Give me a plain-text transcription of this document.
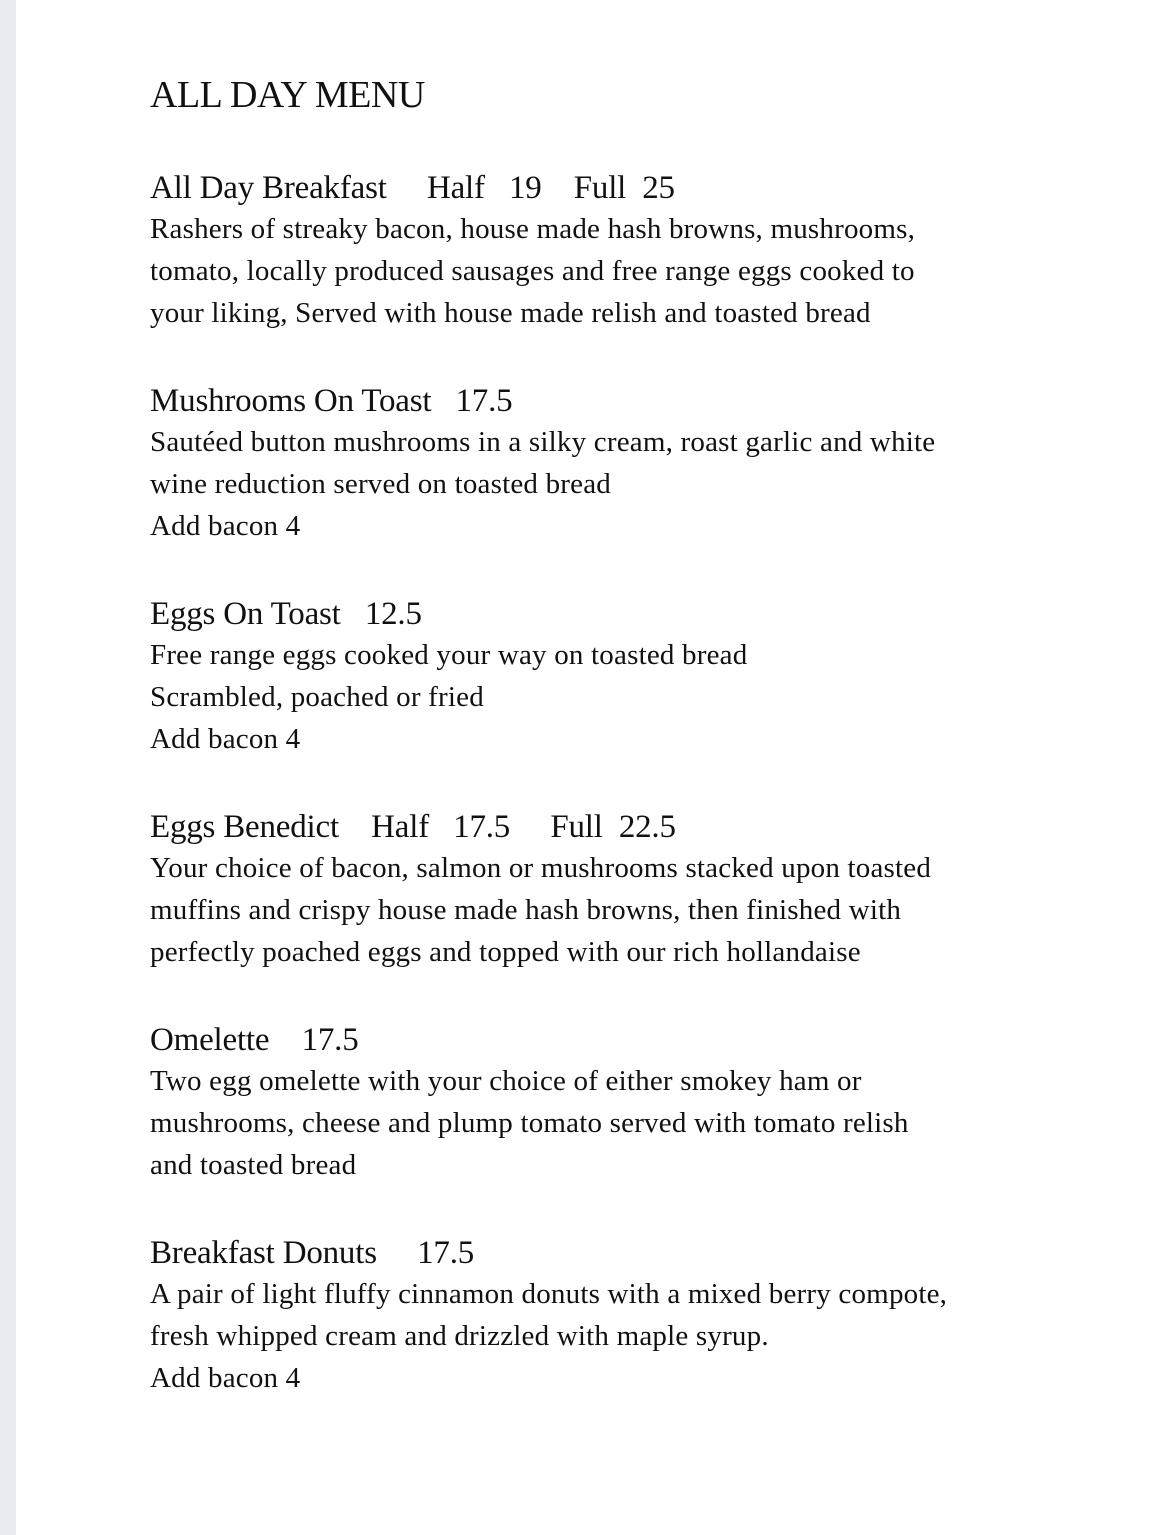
ALL DAY MENU
All Day Breakfast Half   19    Full  25
Rashers of streaky bacon, house made hash browns, mushrooms,
tomato, locally produced sausages and free range eggs cooked to
your liking, Served with house made relish and toasted bread
Mushrooms On Toast 17.5
Sautéed button mushrooms in a silky cream, roast garlic and white
wine reduction served on toasted bread
Add bacon 4
Eggs On Toast 12.5
Free range eggs cooked your way on toasted bread
Scrambled, poached or fried
Add bacon 4
Eggs Benedict Half   17.5     Full  22.5
Your choice of bacon, salmon or mushrooms stacked upon toasted
muffins and crispy house made hash browns, then finished with
perfectly poached eggs and topped with our rich hollandaise
Omelette 17.5
Two egg omelette with your choice of either smokey ham or
mushrooms, cheese and plump tomato served with tomato relish
and toasted bread
Breakfast Donuts 17.5
A pair of light fluffy cinnamon donuts with a mixed berry compote,
fresh whipped cream and drizzled with maple syrup.
Add bacon 4
